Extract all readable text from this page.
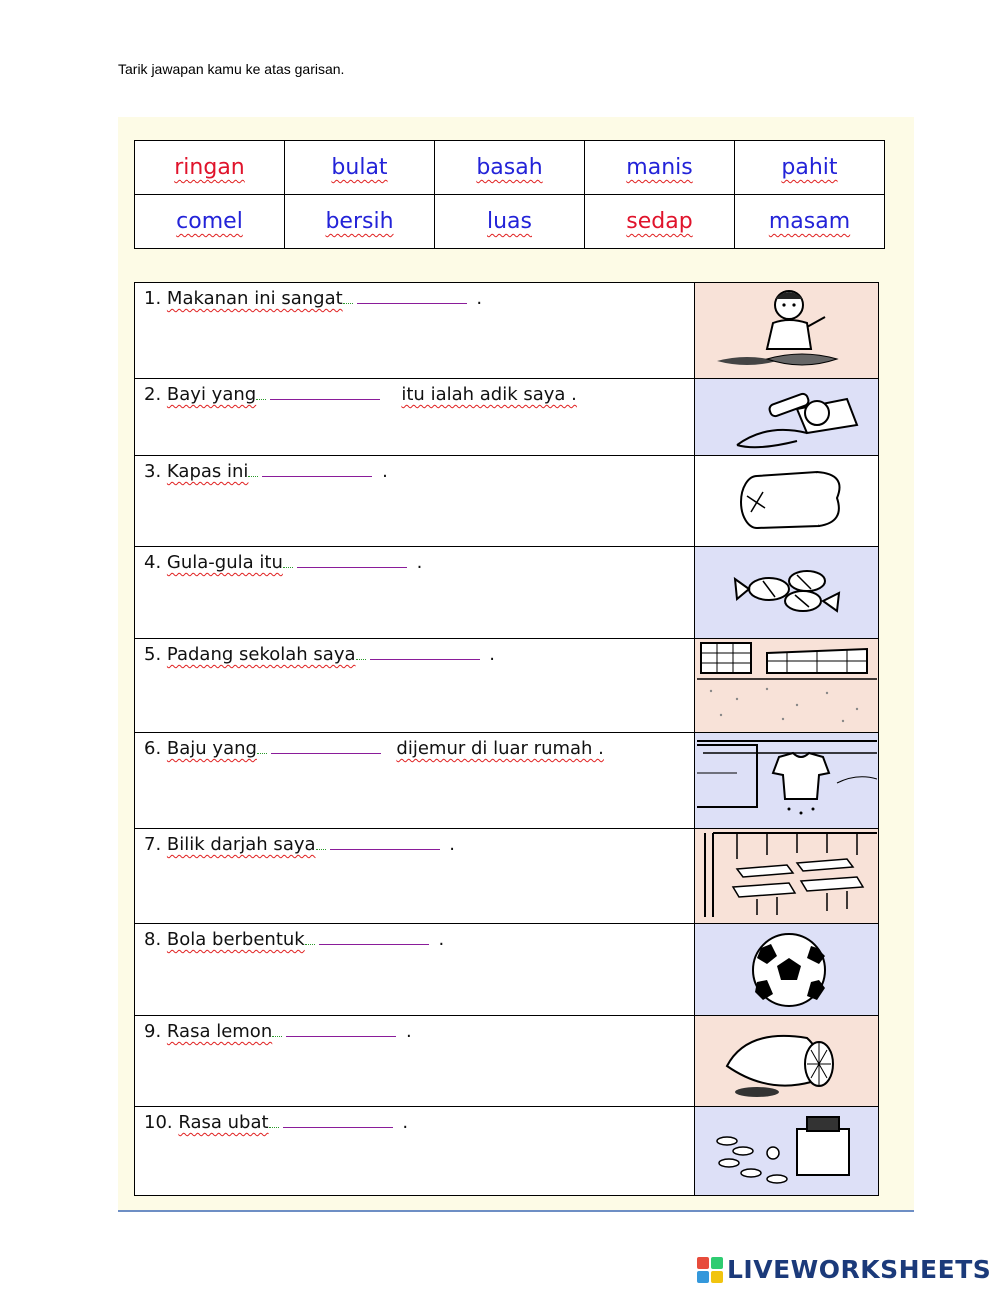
Tarik jawapan kamu ke atas garisan.
ringan	bulat	basah	manis	pahit
comel	bersih	luas	sedap	masam
1. Makanan ini sangat .	

2. Bayi yang itu ialah adik saya .	

3. Kapas ini .	

4. Gula-gula itu .	

5. Padang sekolah saya .	

6. Baju yang dijemur di luar rumah .	

7. Bilik darjah saya .	

8. Bola berbentuk .	

9. Rasa lemon .	

10. Rasa ubat .	
LIVEWORKSHEETS
